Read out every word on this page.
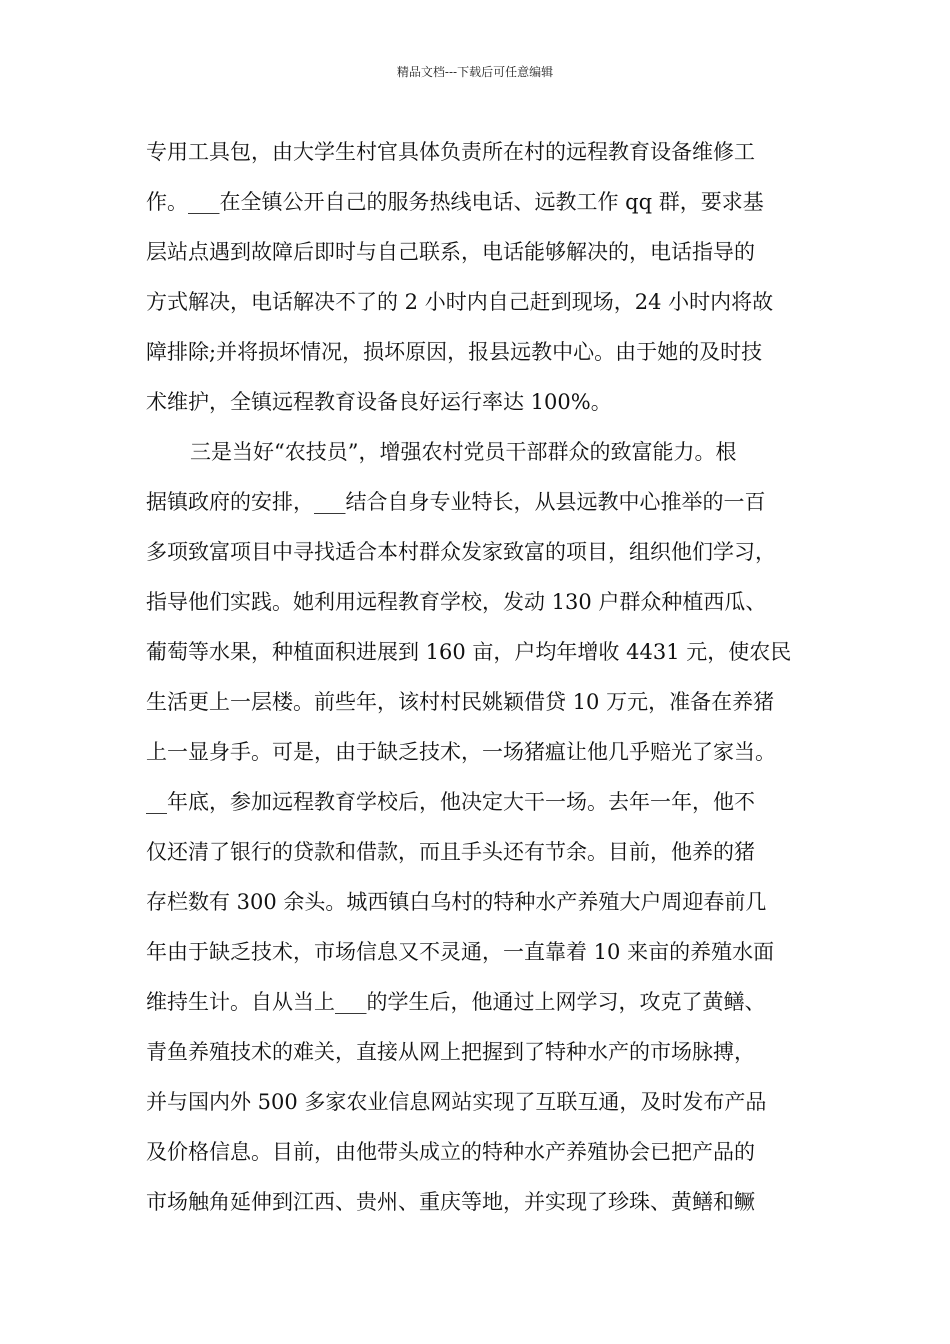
精品文档---下载后可任意编辑
专用工具包，由大学生村官具体负责所在村的远程教育设备维修工
作。___在全镇公开自己的服务热线电话、远教工作 qq 群，要求基
层站点遇到故障后即时与自己联系，电话能够解决的，电话指导的
方式解决，电话解决不了的 2 小时内自己赶到现场，24 小时内将故
障排除;并将损坏情况，损坏原因，报县远教中心。由于她的及时技
术维护，全镇远程教育设备良好运行率达 100%。
三是当好“农技员”，增强农村党员干部群众的致富能力。根
据镇政府的安排，___结合自身专业特长，从县远教中心推举的一百
多项致富项目中寻找适合本村群众发家致富的项目，组织他们学习，
指导他们实践。她利用远程教育学校，发动 130 户群众种植西瓜、
葡萄等水果，种植面积进展到 160 亩，户均年增收 4431 元，使农民
生活更上一层楼。前些年，该村村民姚颖借贷 10 万元，准备在养猪
上一显身手。可是，由于缺乏技术，一场猪瘟让他几乎赔光了家当。
__年底，参加远程教育学校后，他决定大干一场。去年一年，他不
仅还清了银行的贷款和借款，而且手头还有节余。目前，他养的猪
存栏数有 300 余头。城西镇白乌村的特种水产养殖大户周迎春前几
年由于缺乏技术，市场信息又不灵通，一直靠着 10 来亩的养殖水面
维持生计。自从当上___的学生后，他通过上网学习，攻克了黄鳝、
青鱼养殖技术的难关，直接从网上把握到了特种水产的市场脉搏，
并与国内外 500 多家农业信息网站实现了互联互通，及时发布产品
及价格信息。目前，由他带头成立的特种水产养殖协会已把产品的
市场触角延伸到江西、贵州、重庆等地，并实现了珍珠、黄鳝和鳜
